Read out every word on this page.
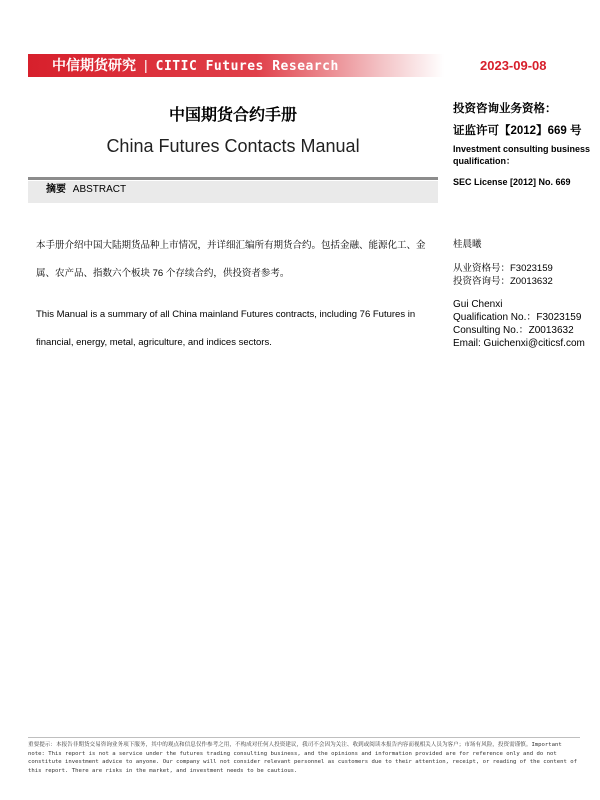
中信期货研究 | CITIC Futures Research	2023-09-08
中国期货合约手册
China Futures Contacts Manual
摘要 ABSTRACT
本手册介绍中国大陆期货品种上市情况，并详细汇编所有期货合约。包括金融、能源化工、金属、农产品、指数六个板块 76 个存续合约，供投资者参考。
This Manual is a summary of all China mainland Futures contracts, including 76 Futures in financial, energy, metal, agriculture, and indices sectors.
投资咨询业务资格：
证监许可【2012】669 号
Investment consulting business qualification：
SEC License [2012] No. 669
桂晨曦
从业资格号：F3023159
投资咨询号：Z0013632
Gui Chenxi
Qualification No.：F3023159
Consulting No.：Z0013632
Email: Guichenxi@citicsf.com
重要提示：本报告非期货交易咨询业务项下服务，其中的观点和信息仅作参考之用，不构成对任何人投资建议，我司不会因为关注、收到或阅读本报告内容而视相关人员为客户；市场有风险，投资需谨慎。Important note: This report is not a service under the futures trading consulting business, and the opinions and information provided are for reference only and do not constitute investment advice to anyone. Our company will not consider relevant personnel as customers due to their attention, receipt, or reading of the content of this report. There are risks in the market, and investment needs to be cautious.
